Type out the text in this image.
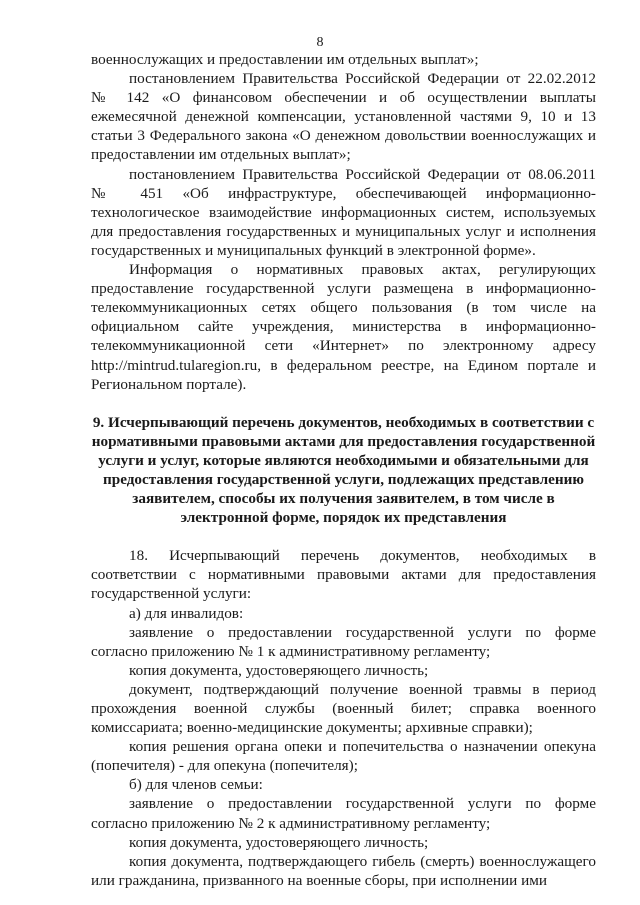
8

военнослужащих и предоставлении им отдельных выплат»;

постановлением Правительства Российской Федерации от 22.02.2012 № 142 «О финансовом обеспечении и об осуществлении выплаты ежемесячной денежной компенсации, установленной частями 9, 10 и 13 статьи 3 Федерального закона «О денежном довольствии военнослужащих и предоставлении им отдельных выплат»;

постановлением Правительства Российской Федерации от 08.06.2011 № 451 «Об инфраструктуре, обеспечивающей информационно-технологическое взаимодействие информационных систем, используемых для предоставления государственных и муниципальных услуг и исполнения государственных и муниципальных функций в электронной форме».

Информация о нормативных правовых актах, регулирующих предоставление государственной услуги размещена в информационно-телекоммуникационных сетях общего пользования (в том числе на официальном сайте учреждения, министерства в информационно-телекоммуникационной сети «Интернет» по электронному адресу http://mintrud.tularegion.ru, в федеральном реестре, на Едином портале и Региональном портале).

9. Исчерпывающий перечень документов, необходимых в соответствии с нормативными правовыми актами для предоставления государственной услуги и услуг, которые являются необходимыми и обязательными для предоставления государственной услуги, подлежащих представлению заявителем, способы их получения заявителем, в том числе в электронной форме, порядок их представления

18. Исчерпывающий перечень документов, необходимых в соответствии с нормативными правовыми актами для предоставления государственной услуги:

а) для инвалидов:

заявление о предоставлении государственной услуги по форме согласно приложению № 1 к административному регламенту;

копия документа, удостоверяющего личность;

документ, подтверждающий получение военной травмы в период прохождения военной службы (военный билет; справка военного комиссариата; военно-медицинские документы; архивные справки);

копия решения органа опеки и попечительства о назначении опекуна (попечителя) - для опекуна (попечителя);

б) для членов семьи:

заявление о предоставлении государственной услуги по форме согласно приложению № 2 к административному регламенту;

копия документа, удостоверяющего личность;

копия документа, подтверждающего гибель (смерть) военнослужащего или гражданина, призванного на военные сборы, при исполнении ими
